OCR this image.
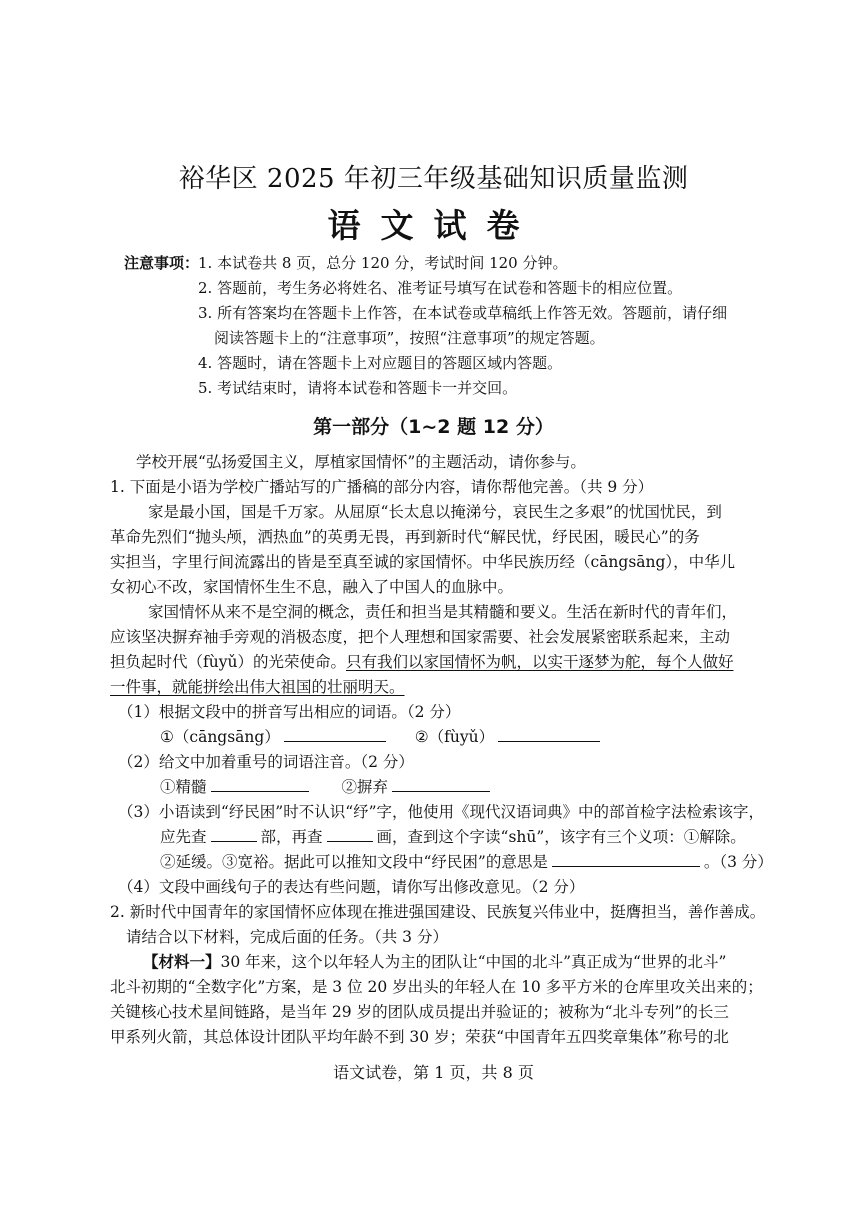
裕华区 2025 年初三年级基础知识质量监测
语文试卷
注意事项：
1. 本试卷共 8 页，总分 120 分，考试时间 120 分钟。
2. 答题前，考生务必将姓名、准考证号填写在试卷和答题卡的相应位置。
3. 所有答案均在答题卡上作答，在本试卷或草稿纸上作答无效。答题前，请仔细
阅读答题卡上的“注意事项”，按照“注意事项”的规定答题。
4. 答题时，请在答题卡上对应题目的答题区域内答题。
5. 考试结束时，请将本试卷和答题卡一并交回。
第一部分（1~2 题 12 分）
学校开展“弘扬爱国主义，厚植家国情怀”的主题活动，请你参与。
1. 下面是小语为学校广播站写的广播稿的部分内容，请你帮他完善。（共 9 分）
家是最小国，国是千万家。从屈原“长太息以掩涕兮，哀民生之多艰”的忧国忧民，到
革命先烈们“抛头颅，洒热血”的英勇无畏，再到新时代“解民忧，纾民困，暖民心”的务
实担当，字里行间流露出的皆是至真至诚的家国情怀。中华民族历经（cāngsāng），中华儿
女初心不改，家国情怀生生不息，融入了中国人的血脉中。
家国情怀从来不是空洞的概念，责任和担当是其精髓和要义。生活在新时代的青年们，
应该坚决摒弃袖手旁观的消极态度，把个人理想和国家需要、社会发展紧密联系起来，主动
担负起时代（fùyǔ）的光荣使命。只有我们以家国情怀为帆，以实干逐梦为舵，每个人做好
一件事，就能拼绘出伟大祖国的壮丽明天。
（1）根据文段中的拼音写出相应的词语。（2 分）
①（cāngsāng）	②（fùyǔ）
（2）给文中加着重号的词语注音。（2 分）
①精髓	②摒弃
（3）小语读到“纾民困”时不认识“纾”字，他使用《现代汉语词典》中的部首检字法检索该字，
应先查	部，再查	画，查到这个字读“shū”，该字有三个义项：①解除。
②延缓。③宽裕。据此可以推知文段中“纾民困”的意思是	。（3 分）
（4）文段中画线句子的表达有些问题，请你写出修改意见。（2 分）
2. 新时代中国青年的家国情怀应体现在推进强国建设、民族复兴伟业中，挺膺担当，善作善成。
请结合以下材料，完成后面的任务。（共 3 分）
【材料一】30 年来，这个以年轻人为主的团队让“中国的北斗”真正成为“世界的北斗”
北斗初期的“全数字化”方案，是 3 位 20 岁出头的年轻人在 10 多平方米的仓库里攻关出来的；
关键核心技术星间链路，是当年 29 岁的团队成员提出并验证的；被称为“北斗专列”的长三
甲系列火箭，其总体设计团队平均年龄不到 30 岁；荣获“中国青年五四奖章集体”称号的北
语文试卷，第 1 页，共 8 页
